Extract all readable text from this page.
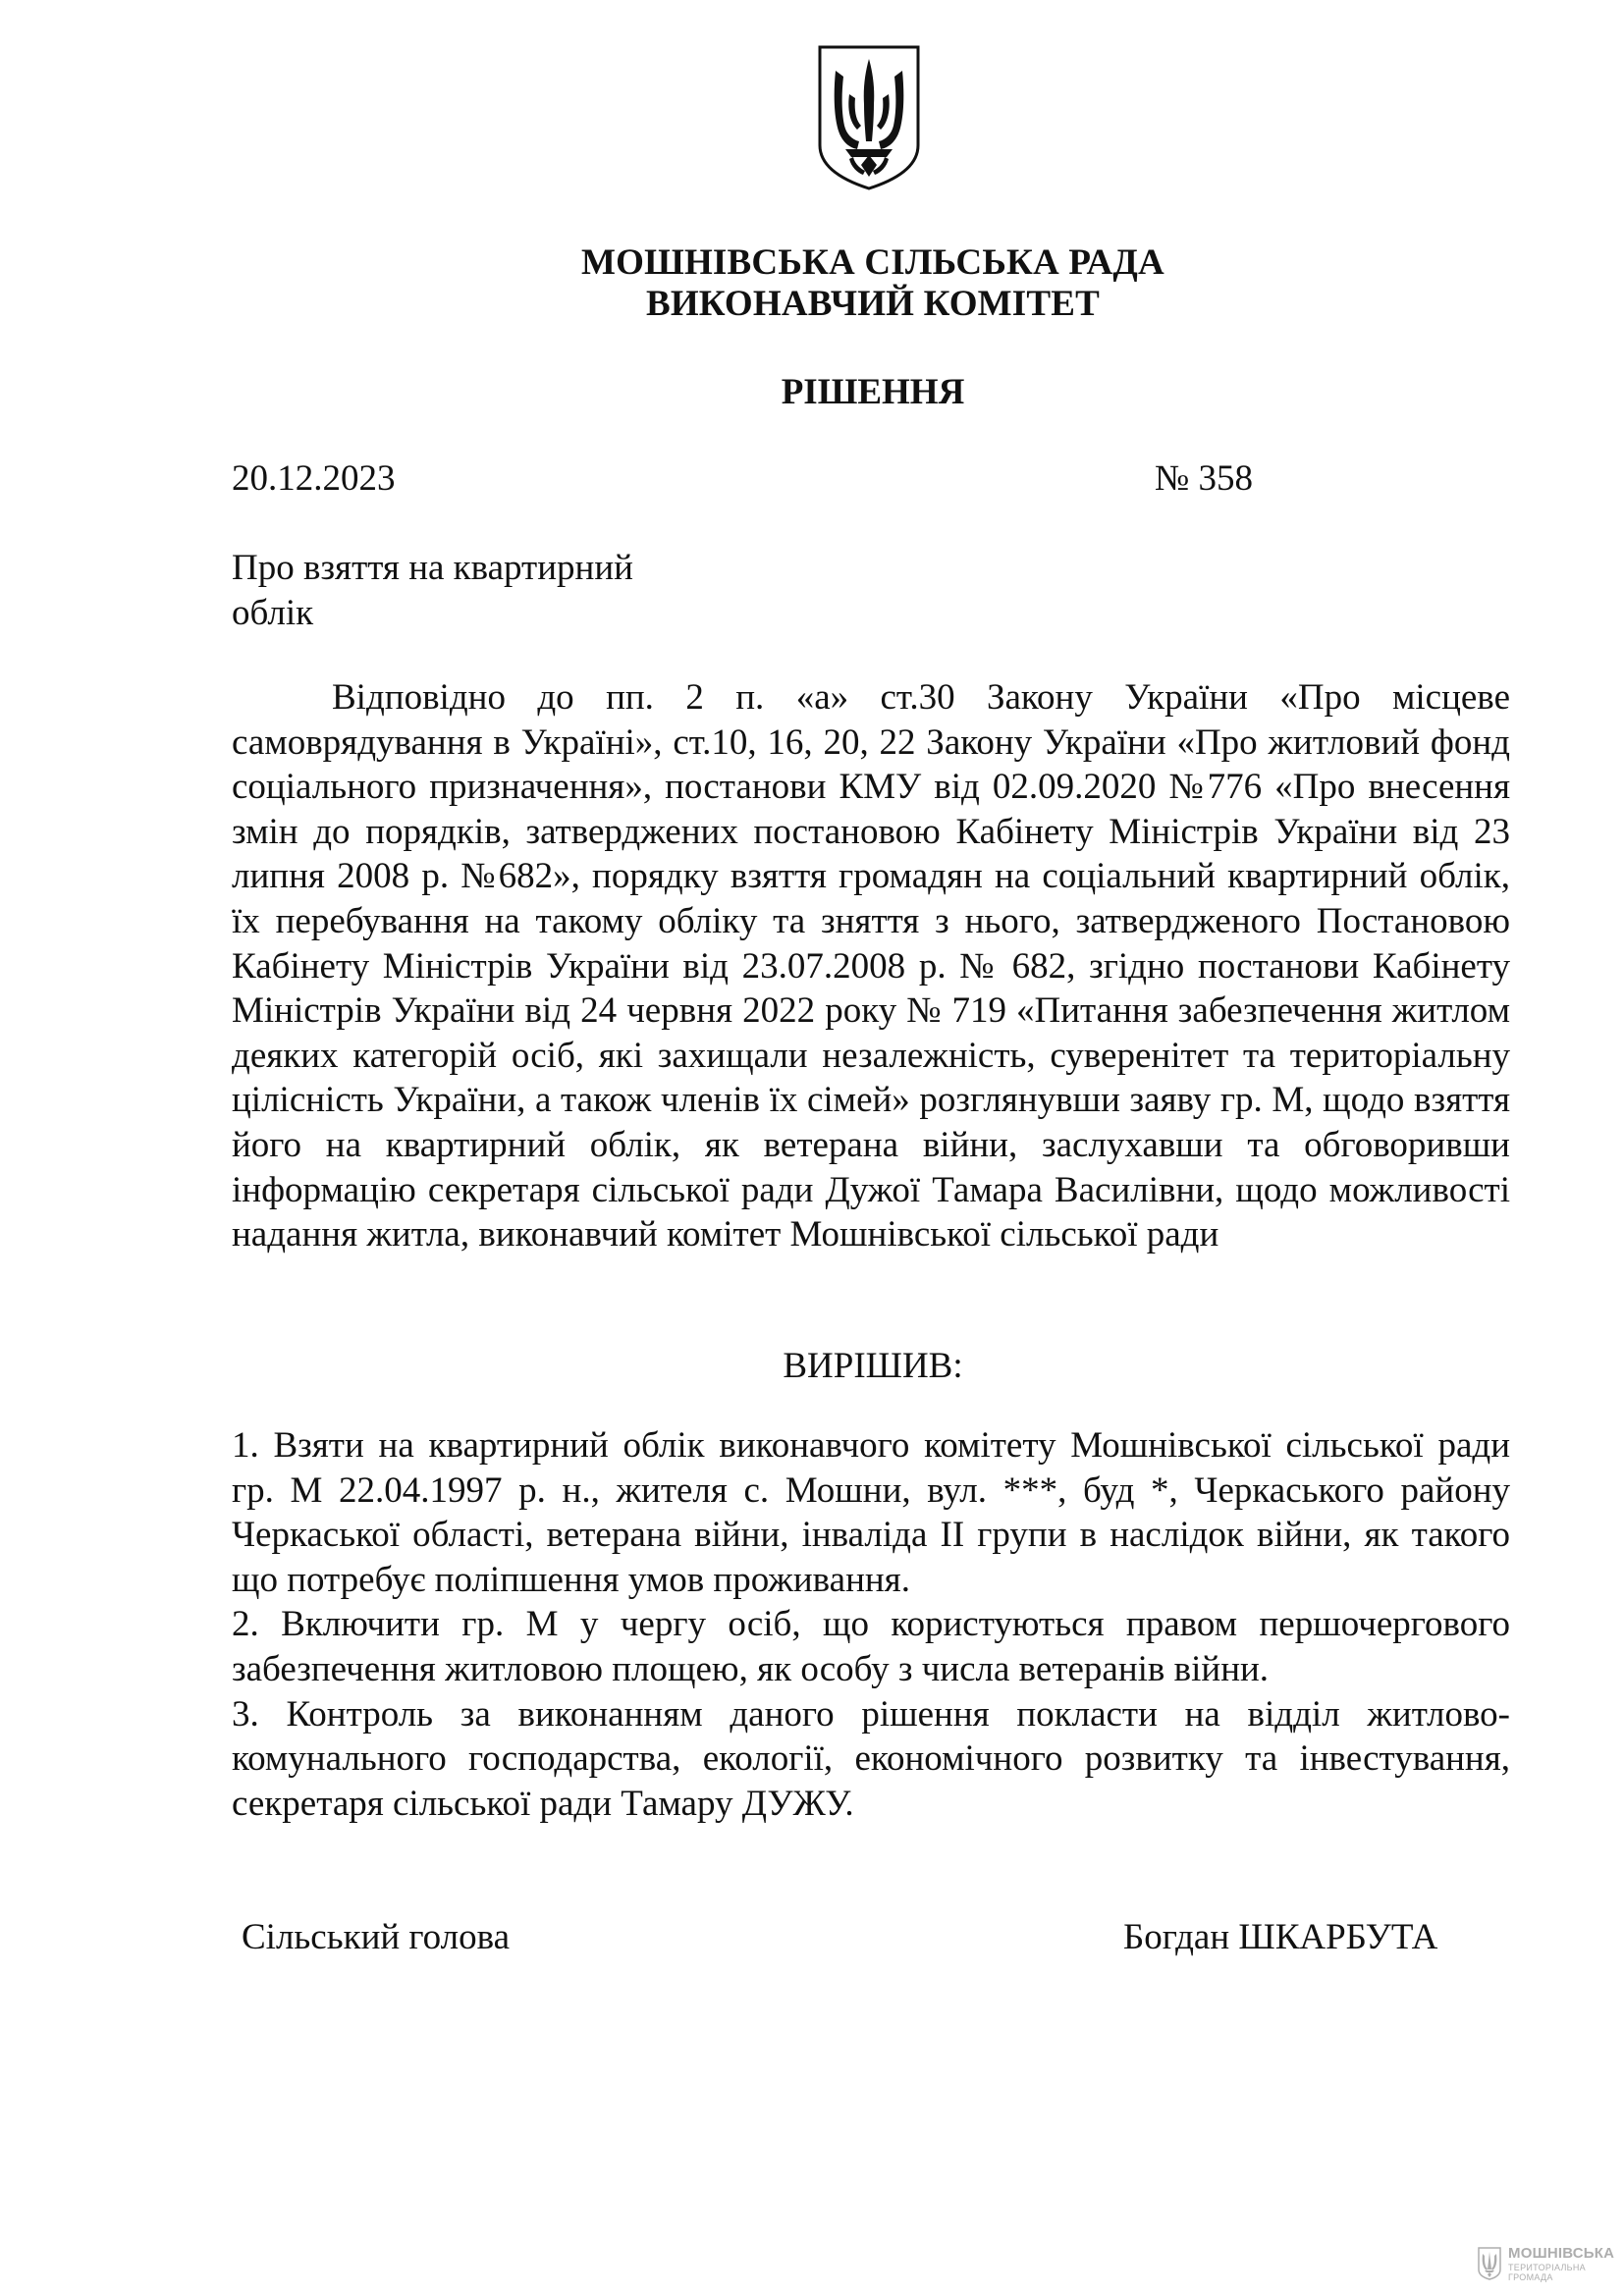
МОШНІВСЬКА СІЛЬСЬКА РАДА
ВИКОНАВЧИЙ КОМІТЕТ
РІШЕННЯ
20.12.2023	№ 358
Про взяття на квартирний
облік
Відповідно до пп. 2 п. «а» ст.30 Закону України «Про місцеве самоврядування в Україні», ст.10, 16, 20, 22 Закону України «Про житловий фонд соціального призначення», постанови КМУ від 02.09.2020 №776 «Про внесення змін до порядків, затверджених постановою Кабінету Міністрів України від 23 липня 2008 р. №682», порядку взяття громадян на соціальний квартирний облік, їх перебування на такому обліку та зняття з нього, затвердженого Постановою Кабінету Міністрів України від 23.07.2008 р. № 682, згідно постанови Кабінету Міністрів України від 24 червня 2022 року № 719 «Питання забезпечення житлом деяких категорій осіб, які захищали незалежність, суверенітет та територіальну цілісність України, а також членів їх сімей» розглянувши заяву гр. М, щодо взяття його на квартирний облік, як ветерана війни, заслухавши та обговоривши інформацію секретаря сільської ради Дужої Тамара Василівни, щодо можливості надання житла, виконавчий комітет Мошнівської сільської ради
ВИРІШИВ:

1. Взяти на квартирний облік виконавчого комітету Мошнівської сільської ради гр. М 22.04.1997 р. н., жителя с. Мошни, вул. ***, буд *, Черкаського району Черкаської області, ветерана війни, інваліда ІІ групи в наслідок війни, як такого що потребує поліпшення умов проживання.

2. Включити гр. М у чергу осіб, що користуються правом першочергового забезпечення житловою площею, як особу з числа ветеранів війни.

3. Контроль за виконанням даного рішення покласти на відділ житлово-комунального господарства, екології, економічного розвитку та інвестування, секретаря сільської ради Тамару ДУЖУ.

Сільський голова	Богдан ШКАРБУТА
МОШНІВСЬКА
ТЕРИТОРІАЛЬНА
ГРОМАДА
